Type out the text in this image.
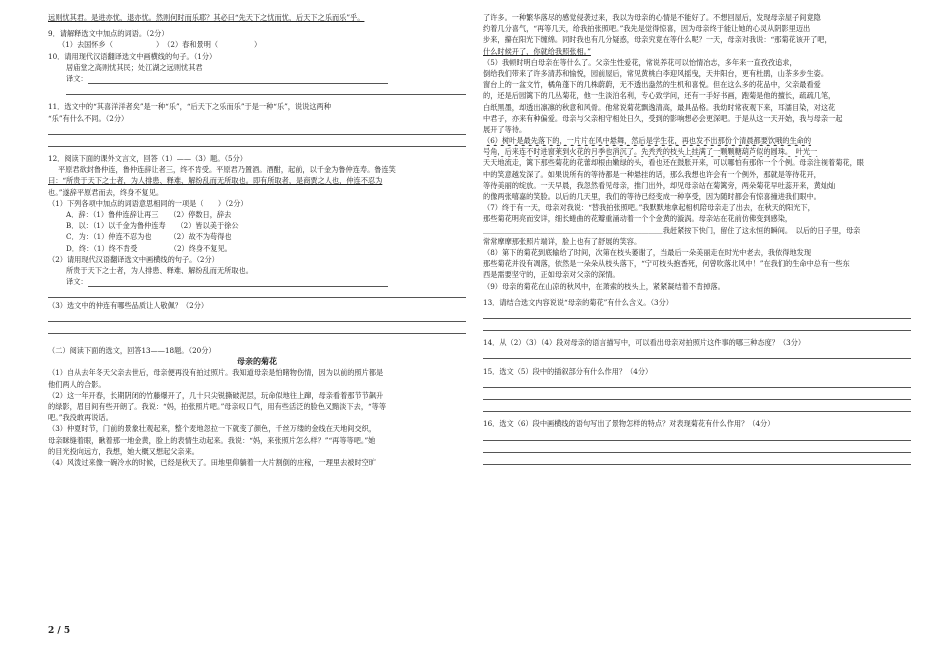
远则忧其君。是进亦忧，退亦忧。然则何时而乐耶？其必曰“先天下之忧而忧，后天下之乐而乐”乎。
9．请解释选文中加点的词语。（2分）
（1）去国怀乡（　　　　　　）　（2）春和景明（　　　　　）
10．请用现代汉语翻译选文中画横线的句子。（1分）
居庙堂之高则忧其民；处江湖之远则忧其君
译文：
11．选文中的“其喜洋洋者矣”是一种“乐”，“后天下之乐而乐”于是一种“乐”，说说这两种
“乐”有什么不同。（2分）
12．阅读下面的课外文言文，回答（1）——（3）题。（5分）
平原君欲封鲁仲连，鲁仲连辞让者三，终不肯受。平原君乃置酒。酒酣，起前，以千金为鲁仲连寿。鲁连笑
曰：“所贵于天下之士者，为人排患、释难、解纷乱而无所取也。即有所取者，是商贾之人也，仲连不忍为
也。”遂辞平原君而去，终身不复见。
（1）下列各项中加点的词语意思相同的一项是（　　）（2分）
A．辞：（1）鲁仲连辞让再三　　（2）停数日，辞去
B．以：（1）以千金为鲁仲连寿　　（2）皆以美于徐公
C．为：（1）仲连不忍为也　　　（2）故不为苟得也
D．终：（1）终不肯受　　　　　（2）终身不复见。
（2）请用现代汉语翻译选文中画横线的句子。（2分）
所贵于天下之士者，为人排患、释难、解纷乱而无所取也。
译文：
（3）选文中的仲连有哪些品质让人敬佩？（2分）
（二）阅读下面的选文，回答13——18题。（20分）
母亲的菊花
（1）自从去年冬天父亲去世后，母亲便再没有拍过照片。我知道母亲是怕睹物伤情，因为以前的照片都是
他们两人的合影。
（2）这一年开春，长期阴闭的竹藤爆开了，几十只尖锐撕破泥层，玩命似地往上蹿，母亲看着那节节飙升
的绿影，眉目间有些开朗了。我说：“妈，拍张照片吧。”母亲叹口气，用有些活泛的脸色又黯淡下去，“等等
吧。”我没敢再说话。
（3）仲夏时节，门前的景象壮观起来，整个麦地忽拉一下就变了颜色，千丝万缕的金线在天地间交织，
母亲眯缝着眼，瞅着那一地金黄，脸上的表情生动起来。我说：“妈，来张照片怎么样？”“再等等吧。”她
的目光投向远方，我想，她大概又想起父亲来。
（4）风泼过来像一碗冷水的时候，已经是秋天了。田地里仰躺着一大片割倒的庄稼，一理里去被时空旷
了许多。一种繁华落尽的感觉侵袭过来，我以为母亲的心情是不能好了。不想回屋后，发现母亲屋子间竟隐
约着几分喜气，“再等几天，给我拍张照吧。”我先是觉得惊喜，因为母亲终于能让她的心灵从阴影里迈出
步来，攥在阳光下缠绵。同时我也有几分疑惑，母亲究竟在等什么呢？一天，母亲对我说：“那菊花该开了吧，
什么时候开了，你就给我照张相。”
（5）我顿时明白母亲在等什么了。父亲生性爱花，常说养花可以怡情冶志，多年来一直孜孜追求，
倒给我们带来了许多清苏和愉悦，园前屋后，常见黄桃白李迎风摇曳，天井阳台，更有杜鹃，山茶多步生姿。
窗台上的一盆文竹，橘角蓬下的几株蔚蔚，无不透出盎然的生机和喜悦。但在这么多的花品中，父亲最看爱
的，还是后园篱下的几丛菊花，他一生淡泊名利，专心致学问，还有一手好书画，跑菊是他的擅长，疏疏几笔，
白纸黑墨，却透出凛凛的秋意和风骨。他常说菊花飘逸清高，最具品格。我幼时常夜观下来，耳濡目染，对这花
中君子，亦来有种偏爱。母亲与父亲相守相处日久，受到的影响想必会更深吧。于是从这一天开始，我与母亲一起
展开了等待。
（6）树叶是最先落下的，一片片在风中悬舞，然后是学生花，再也发不出那份个清晨都要饮哦的生命的
号角，后来连不时进窗莱到火花的月季也消沉了。先秃秃的枝头上挂满了一颗颗糖葫芦似的圆珠。　叶光一
天天地流走，篱下那些菊花的花蕾却根由嫩绿的头，看也还在鼓胀开来，可以哪怕有那你一个个例。母亲注视着菊花，眼
中的笑意越发深了。如果说所有的等待都是一种悬挂的话，那么我想也许会有一个例外，那就是等待花开，
等待美丽的绽放。一天早晨，我忽然看见母亲，推门出外，却见母亲站在菊篱旁，两朵菊花早吐蕊开来，黄灿灿
的像两张嘻嘉的笑脸。以后的几天里，我们的等待已经变成一种享受，因为随时都会有惊喜撞进我们眼中。
（7）终于有一天，母亲对我说：“替我拍张照吧。”我默默地拿起相机陪母亲走了出去，在秋天的阳光下，
那些菊花明亮而安详，细长蜷曲的花瓣重涌动着一个个金黄的漩涡。母亲站在花前仿佛变到感染，
＿＿＿＿＿＿＿＿＿＿＿＿＿＿＿＿＿＿＿＿＿＿＿＿＿我赶紧按下快门，留住了这永恒的瞬间。　以后的日子里，母亲
常常摩摩那张照片端详，脸上也有了舒展的笑容。
（8）第下的菊花到底输给了时间，次第在枝头萎谢了，当最后一朵美丽走在时光中老去，我依得地发现
那些菊花并没有凋落，依然是一朵朵从枝头落下，“宁可枝头抱香死，何曾吹落北风中！”在我们的生命中总有一些东
西是需要坚守的，正如母亲对父亲的深情。
（9）母亲的菊花在山凉的秋风中，在萧索的枝头上，紧紧凝结着不肯掉落。
13．请结合选文内容说说“母亲的菊花”有什么含义。（3分）
14．从（2）（3）（4）段对母亲的语言描写中，可以看出母亲对拍照片这件事的哪三种态度？（3分）
15．选文（5）段中的插叙部分有什么作用？（4分）
16．选文（6）段中画横线的语句写出了景物怎样的特点？对表现菊花有什么作用？（4分）
2 / 5
